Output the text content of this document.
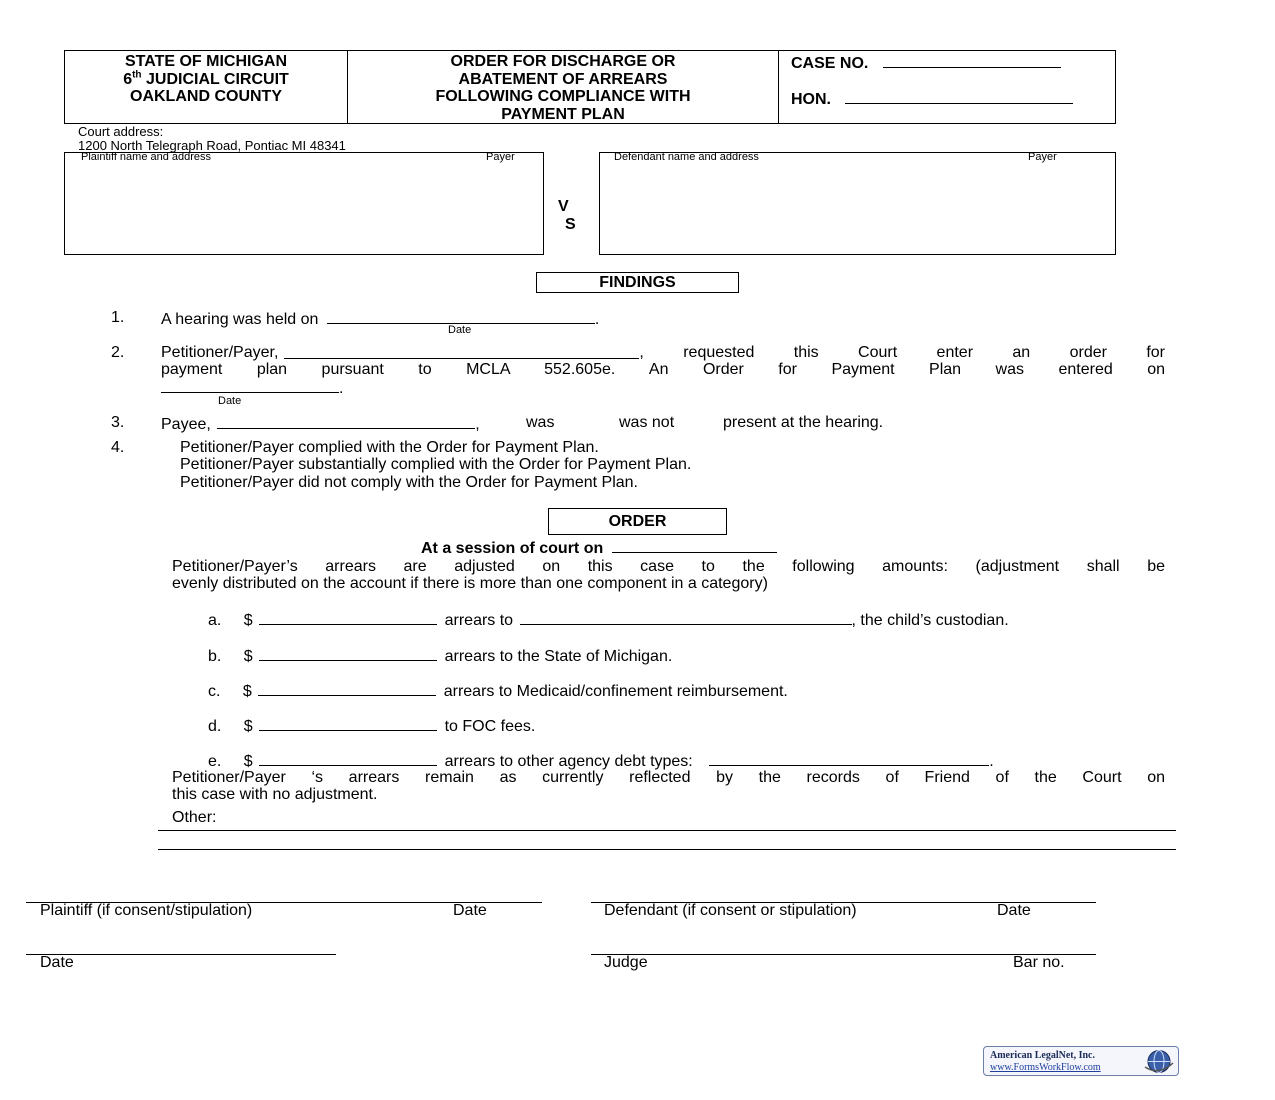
STATE OF MICHIGAN
6th JUDICIAL CIRCUIT
OAKLAND COUNTY
ORDER FOR DISCHARGE OR
ABATEMENT OF ARREARS
FOLLOWING COMPLIANCE WITH
PAYMENT PLAN
CASE NO.
HON.
Court address:
1200 North Telegraph Road, Pontiac MI 48341
Plaintiff name and address	Payer
V
S
Defendant name and address	Payer
FINDINGS
1. A hearing was held on	.
Date
2. Petitioner/Payer,	, requested this Court enter an order for
payment plan pursuant to MCLA 552.605e. An Order for Payment Plan was entered on
.
Date
3. Payee,	,	was	was not	present at the hearing.
4.	Petitioner/Payer complied with the Order for Payment Plan.
Petitioner/Payer substantially complied with the Order for Payment Plan.
Petitioner/Payer did not comply with the Order for Payment Plan.
ORDER
At a session of court on
Petitioner/Payer’s arrears are adjusted on this case to the following amounts: (adjustment shall be
evenly distributed on the account if there is more than one component in a category)
a. $	arrears to	, the child’s custodian.
b. $	arrears to the State of Michigan.
c. $	arrears to Medicaid/confinement reimbursement.
d. $	to FOC fees.
e. $	arrears to other agency debt types:	.
Petitioner/Payer ‘s arrears remain as currently reflected by the records of Friend of the Court on
this case with no adjustment.
Other:
Plaintiff (if consent/stipulation)	Date	Defendant (if consent or stipulation)	Date
Date	Judge	Bar no.
American LegalNet, Inc.
www.FormsWorkFlow.com
